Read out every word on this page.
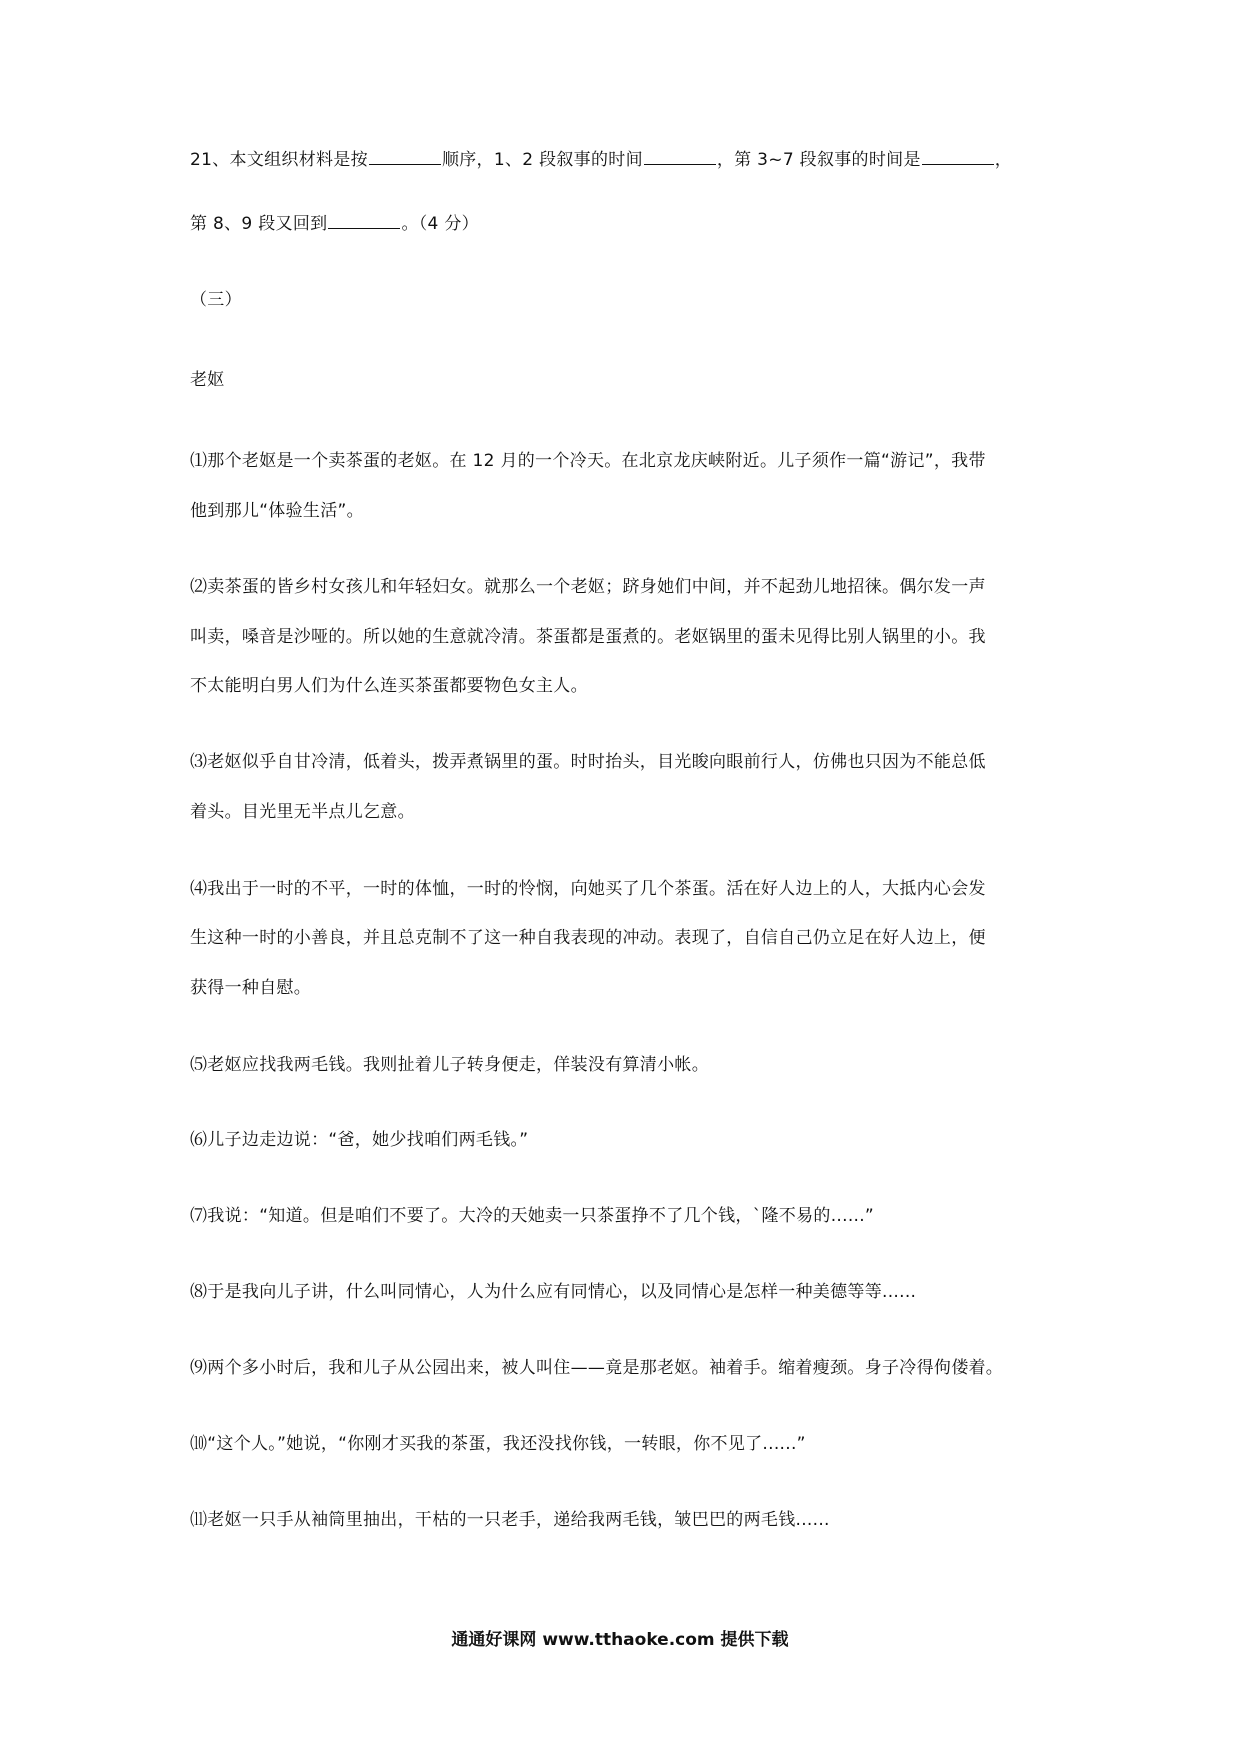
21、本文组织材料是按	顺序，1、2 段叙事的时间	，第 3~7 段叙事的时间是	，
第 8、9 段又回到	。（4 分）
（三）
老妪
⑴那个老妪是一个卖茶蛋的老妪。在 12 月的一个冷天。在北京龙庆峡附近。儿子须作一篇“游记”，我带
他到那儿“体验生活”。
⑵卖茶蛋的皆乡村女孩儿和年轻妇女。就那么一个老妪；跻身她们中间，并不起劲儿地招徕。偶尔发一声
叫卖，嗓音是沙哑的。所以她的生意就冷清。茶蛋都是蛋煮的。老妪锅里的蛋未见得比别人锅里的小。我
不太能明白男人们为什么连买茶蛋都要物色女主人。
⑶老妪似乎自甘冷清，低着头，拨弄煮锅里的蛋。时时抬头，目光睃向眼前行人，仿佛也只因为不能总低
着头。目光里无半点儿乞意。
⑷我出于一时的不平，一时的体恤，一时的怜悯，向她买了几个茶蛋。活在好人边上的人，大抵内心会发
生这种一时的小善良，并且总克制不了这一种自我表现的冲动。表现了，自信自己仍立足在好人边上，便
获得一种自慰。
⑸老妪应找我两毛钱。我则扯着儿子转身便走，佯装没有算清小帐。
⑹儿子边走边说：“爸，她少找咱们两毛钱。”
⑺我说：“知道。但是咱们不要了。大冷的天她卖一只茶蛋挣不了几个钱，`隆不易的......”
⑻于是我向儿子讲，什么叫同情心，人为什么应有同情心，以及同情心是怎样一种美德等等......
⑼两个多小时后，我和儿子从公园出来，被人叫住——竟是那老妪。袖着手。缩着瘦颈。身子冷得佝偻着。
⑽“这个人。”她说，“你刚才买我的茶蛋，我还没找你钱，一转眼，你不见了......”
⑾老妪一只手从袖筒里抽出，干枯的一只老手，递给我两毛钱，皱巴巴的两毛钱......
通通好课网 www.tthaoke.com 提供下载
